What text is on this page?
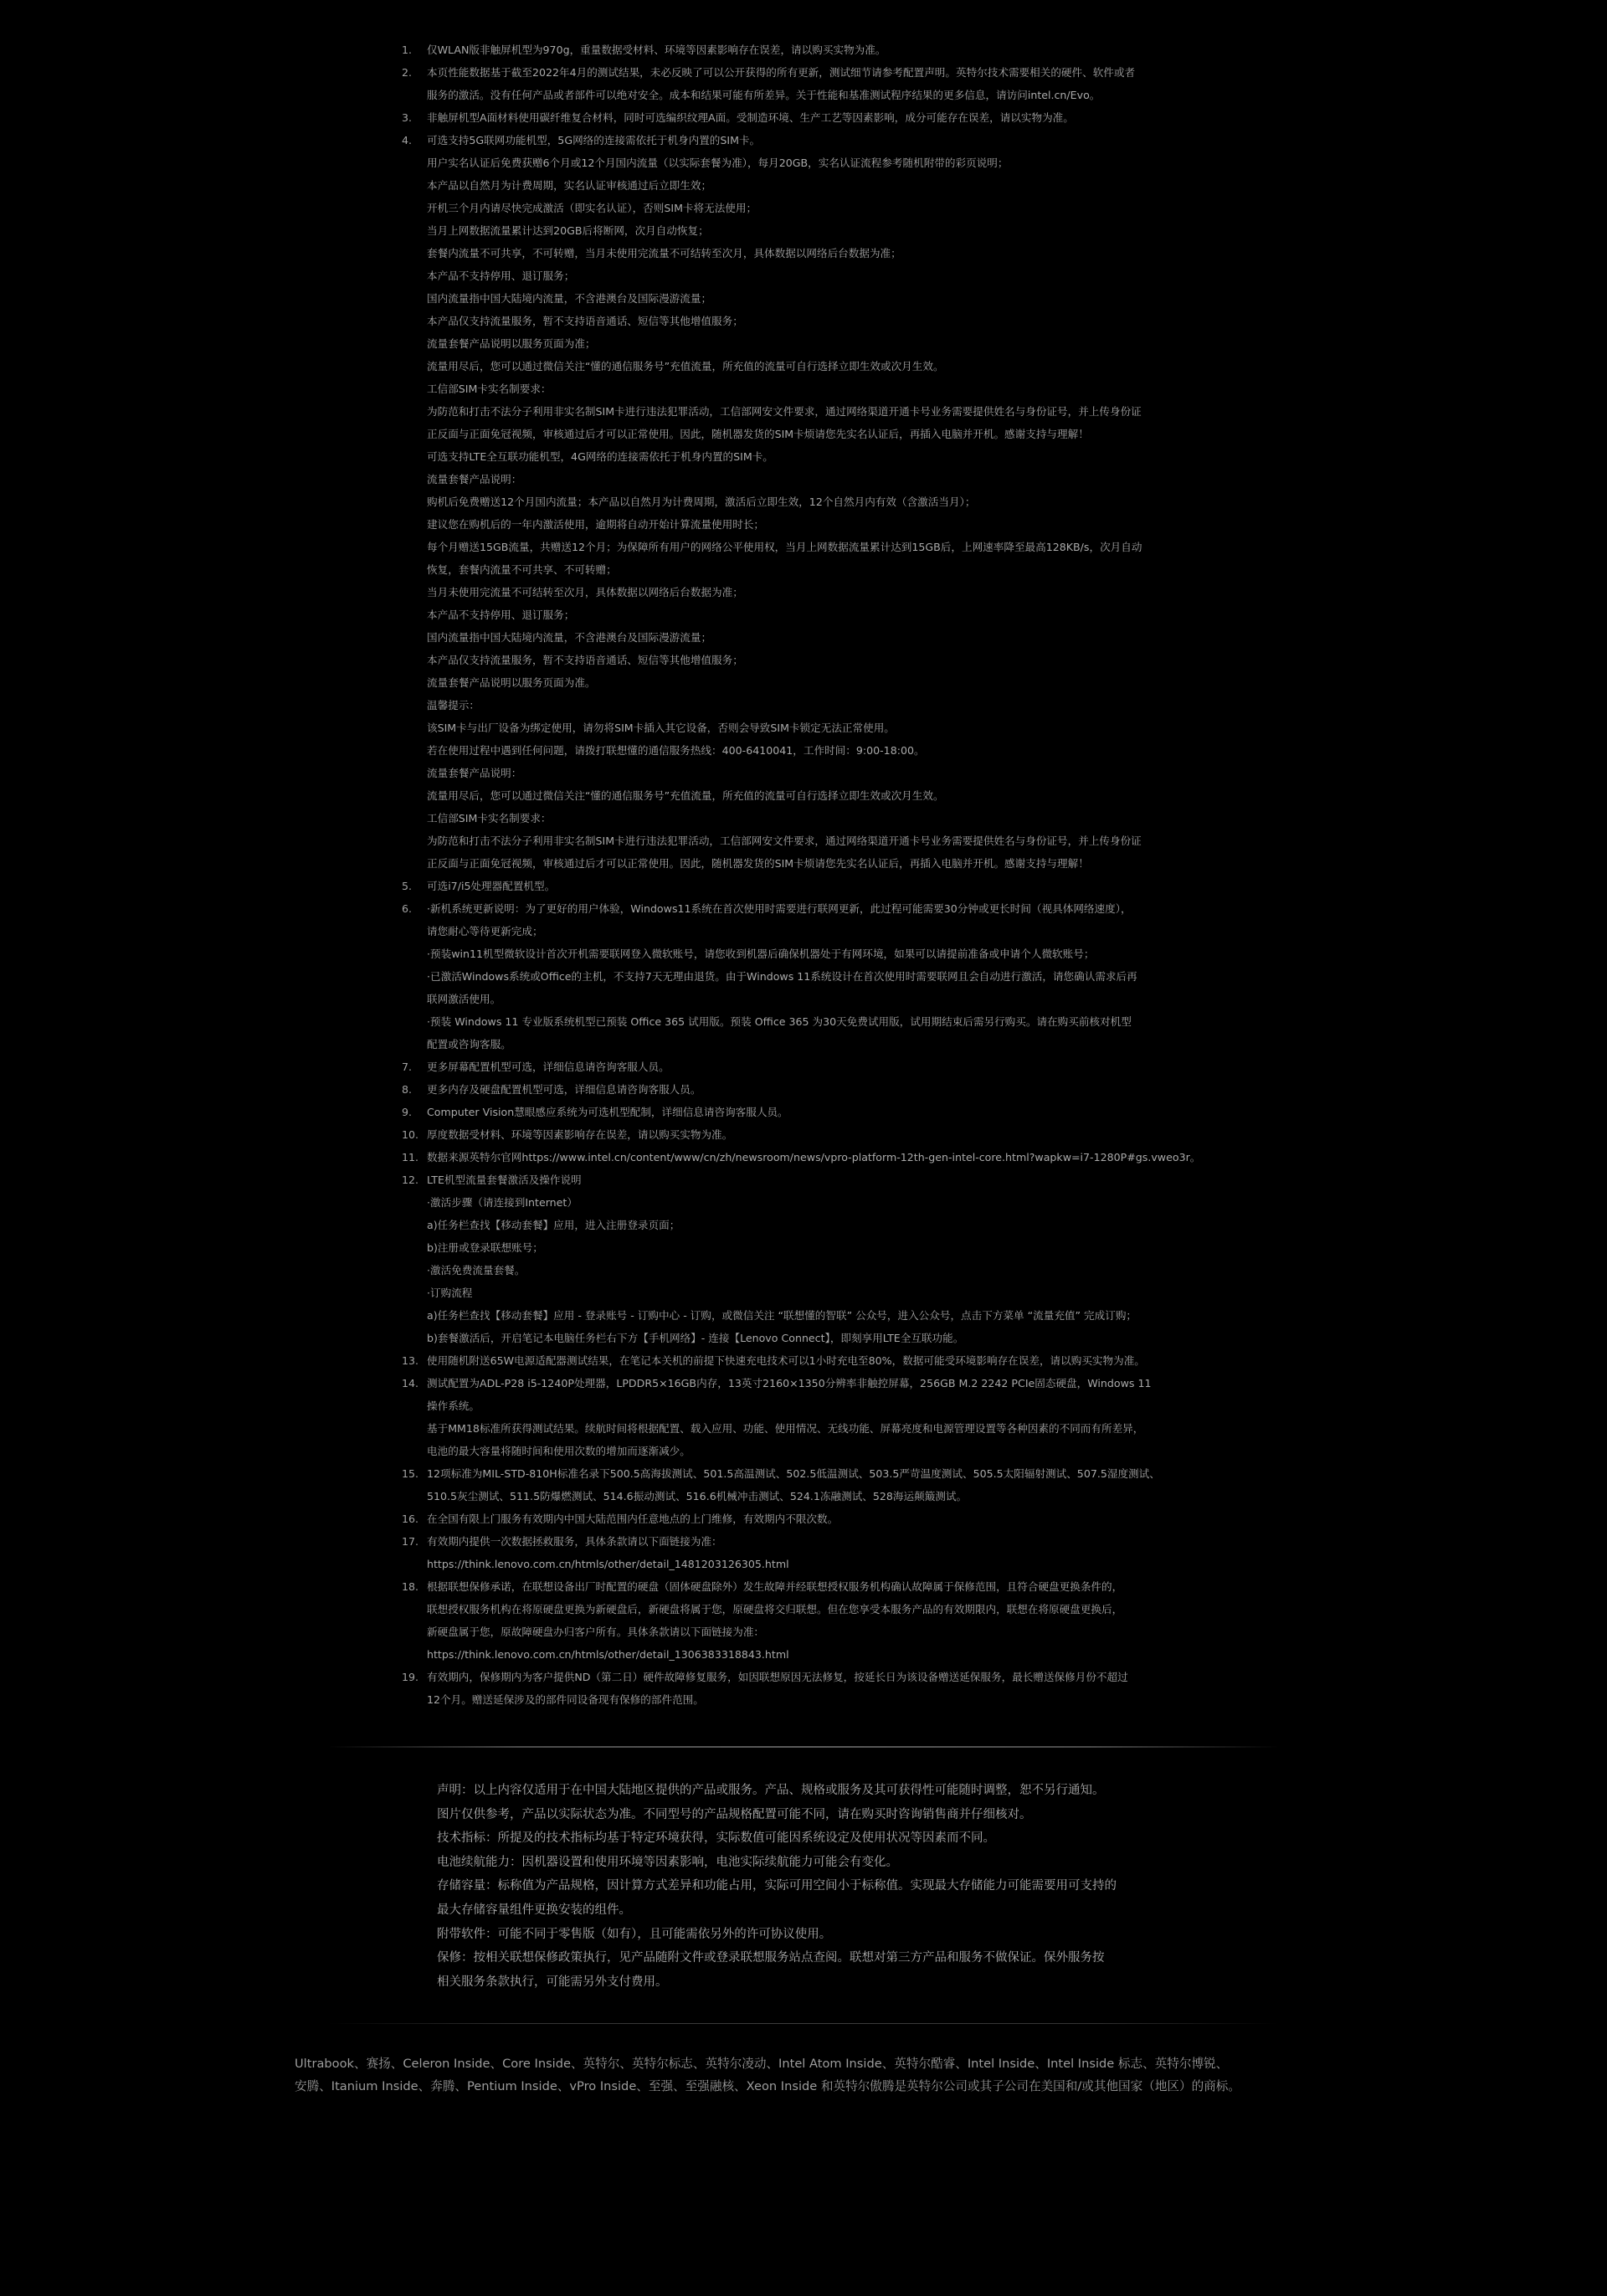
1.	仅WLAN版非触屏机型为970g，重量数据受材料、环境等因素影响存在误差，请以购买实物为准。
2.	本页性能数据基于截至2022年4月的测试结果，未必反映了可以公开获得的所有更新，测试细节请参考配置声明。英特尔技术需要相关的硬件、软件或者
服务的激活。没有任何产品或者部件可以绝对安全。成本和结果可能有所差异。关于性能和基准测试程序结果的更多信息，请访问intel.cn/Evo。
3.	非触屏机型A面材料使用碳纤维复合材料，同时可选编织纹理A面。受制造环境、生产工艺等因素影响，成分可能存在误差，请以实物为准。
4.	可选支持5G联网功能机型，5G网络的连接需依托于机身内置的SIM卡。
用户实名认证后免费获赠6个月或12个月国内流量（以实际套餐为准），每月20GB，实名认证流程参考随机附带的彩页说明；
本产品以自然月为计费周期，实名认证审核通过后立即生效；
开机三个月内请尽快完成激活（即实名认证），否则SIM卡将无法使用；
当月上网数据流量累计达到20GB后将断网，次月自动恢复；
套餐内流量不可共享，不可转赠，当月未使用完流量不可结转至次月，具体数据以网络后台数据为准；
本产品不支持停用、退订服务；
国内流量指中国大陆境内流量，不含港澳台及国际漫游流量；
本产品仅支持流量服务，暂不支持语音通话、短信等其他增值服务；
流量套餐产品说明以服务页面为准；
流量用尽后，您可以通过微信关注“懂的通信服务号”充值流量，所充值的流量可自行选择立即生效或次月生效。
工信部SIM卡实名制要求：
为防范和打击不法分子利用非实名制SIM卡进行违法犯罪活动，工信部网安文件要求，通过网络渠道开通卡号业务需要提供姓名与身份证号，并上传身份证
正反面与正面免冠视频，审核通过后才可以正常使用。因此，随机器发货的SIM卡烦请您先实名认证后，再插入电脑并开机。感谢支持与理解！
可选支持LTE全互联功能机型，4G网络的连接需依托于机身内置的SIM卡。
流量套餐产品说明：
购机后免费赠送12个月国内流量；本产品以自然月为计费周期，激活后立即生效，12个自然月内有效（含激活当月）；
建议您在购机后的一年内激活使用，逾期将自动开始计算流量使用时长；
每个月赠送15GB流量，共赠送12个月；为保障所有用户的网络公平使用权，当月上网数据流量累计达到15GB后，上网速率降至最高128KB/s，次月自动
恢复，套餐内流量不可共享、不可转赠；
当月未使用完流量不可结转至次月，具体数据以网络后台数据为准；
本产品不支持停用、退订服务；
国内流量指中国大陆境内流量，不含港澳台及国际漫游流量；
本产品仅支持流量服务，暂不支持语音通话、短信等其他增值服务；
流量套餐产品说明以服务页面为准。
温馨提示：
该SIM卡与出厂设备为绑定使用，请勿将SIM卡插入其它设备，否则会导致SIM卡锁定无法正常使用。
若在使用过程中遇到任何问题，请拨打联想懂的通信服务热线：400-6410041，工作时间：9:00-18:00。
流量套餐产品说明：
流量用尽后，您可以通过微信关注“懂的通信服务号”充值流量，所充值的流量可自行选择立即生效或次月生效。
工信部SIM卡实名制要求：
为防范和打击不法分子利用非实名制SIM卡进行违法犯罪活动，工信部网安文件要求，通过网络渠道开通卡号业务需要提供姓名与身份证号，并上传身份证
正反面与正面免冠视频，审核通过后才可以正常使用。因此，随机器发货的SIM卡烦请您先实名认证后，再插入电脑并开机。感谢支持与理解！
5.	可选i7/i5处理器配置机型。
6.	·新机系统更新说明：为了更好的用户体验，Windows11系统在首次使用时需要进行联网更新，此过程可能需要30分钟或更长时间（视具体网络速度），
请您耐心等待更新完成；
·预装win11机型微软设计首次开机需要联网登入微软账号，请您收到机器后确保机器处于有网环境，如果可以请提前准备或申请个人微软账号；
·已激活Windows系统或Office的主机，不支持7天无理由退货。由于Windows 11系统设计在首次使用时需要联网且会自动进行激活，请您确认需求后再
联网激活使用。
·预装 Windows 11 专业版系统机型已预装 Office 365 试用版。预装 Office 365 为30天免费试用版，试用期结束后需另行购买。请在购买前核对机型
配置或咨询客服。
7.	更多屏幕配置机型可选，详细信息请咨询客服人员。
8.	更多内存及硬盘配置机型可选，详细信息请咨询客服人员。
9.	Computer Vision慧眼感应系统为可选机型配制，详细信息请咨询客服人员。
10. 厚度数据受材料、环境等因素影响存在误差，请以购买实物为准。
11. 数据来源英特尔官网https://www.intel.cn/content/www/cn/zh/newsroom/news/vpro-platform-12th-gen-intel-core.html?wapkw=i7-1280P#gs.vweo3r。
12. LTE机型流量套餐激活及操作说明
·激活步骤（请连接到Internet）
a)任务栏查找【移动套餐】应用，进入注册登录页面；
b)注册或登录联想账号；
·激活免费流量套餐。
·订购流程
a)任务栏查找【移动套餐】应用 - 登录账号 - 订购中心 - 订购，或微信关注 “联想懂的智联” 公众号，进入公众号，点击下方菜单 “流量充值” 完成订购；
b)套餐激活后，开启笔记本电脑任务栏右下方【手机网络】- 连接【Lenovo Connect】，即刻享用LTE全互联功能。
13. 使用随机附送65W电源适配器测试结果，在笔记本关机的前提下快速充电技术可以1小时充电至80%，数据可能受环境影响存在误差，请以购买实物为准。
14. 测试配置为ADL-P28 i5-1240P处理器，LPDDR5×16GB内存，13英寸2160×1350分辨率非触控屏幕，256GB M.2 2242 PCIe固态硬盘，Windows 11
操作系统。
基于MM18标准所获得测试结果。续航时间将根据配置、载入应用、功能、使用情况、无线功能、屏幕亮度和电源管理设置等各种因素的不同而有所差异，
电池的最大容量将随时间和使用次数的增加而逐渐减少。
15. 12项标准为MIL-STD-810H标准名录下500.5高海拔测试、501.5高温测试、502.5低温测试、503.5严苛温度测试、505.5太阳辐射测试、507.5湿度测试、
510.5灰尘测试、511.5防爆燃测试、514.6振动测试、516.6机械冲击测试、524.1冻融测试、528海运颠簸测试。
16. 在全国有限上门服务有效期内中国大陆范围内任意地点的上门维修，有效期内不限次数。
17. 有效期内提供一次数据拯救服务，具体条款请以下面链接为准：
https://think.lenovo.com.cn/htmls/other/detail_1481203126305.html
18. 根据联想保修承诺，在联想设备出厂时配置的硬盘（固体硬盘除外）发生故障并经联想授权服务机构确认故障属于保修范围，且符合硬盘更换条件的，
联想授权服务机构在将原硬盘更换为新硬盘后，新硬盘将属于您，原硬盘将交归联想。但在您享受本服务产品的有效期限内，联想在将原硬盘更换后，
新硬盘属于您，原故障硬盘办归客户所有。具体条款请以下面链接为准：
https://think.lenovo.com.cn/htmls/other/detail_1306383318843.html
19. 有效期内，保修期内为客户提供ND（第二日）硬件故障修复服务，如因联想原因无法修复，按延长日为该设备赠送延保服务，最长赠送保修月份不超过
12个月。赠送延保涉及的部件同设备现有保修的部件范围。
声明：以上内容仅适用于在中国大陆地区提供的产品或服务。产品、规格或服务及其可获得性可能随时调整，恕不另行通知。
图片仅供参考，产品以实际状态为准。不同型号的产品规格配置可能不同，请在购买时咨询销售商并仔细核对。
技术指标：所提及的技术指标均基于特定环境获得，实际数值可能因系统设定及使用状况等因素而不同。
电池续航能力：因机器设置和使用环境等因素影响，电池实际续航能力可能会有变化。
存储容量：标称值为产品规格，因计算方式差异和功能占用，实际可用空间小于标称值。实现最大存储能力可能需要用可支持的
最大存储容量组件更换安装的组件。
附带软件：可能不同于零售版（如有），且可能需依另外的许可协议使用。
保修：按相关联想保修政策执行，见产品随附文件或登录联想服务站点查阅。联想对第三方产品和服务不做保证。保外服务按
相关服务条款执行，可能需另外支付费用。
Ultrabook、赛扬、Celeron Inside、Core Inside、英特尔、英特尔标志、英特尔凌动、Intel Atom Inside、英特尔酷睿、Intel Inside、Intel Inside 标志、英特尔博锐、
安腾、Itanium Inside、奔腾、Pentium Inside、vPro Inside、至强、至强融核、Xeon Inside 和英特尔傲腾是英特尔公司或其子公司在美国和/或其他国家（地区）的商标。
